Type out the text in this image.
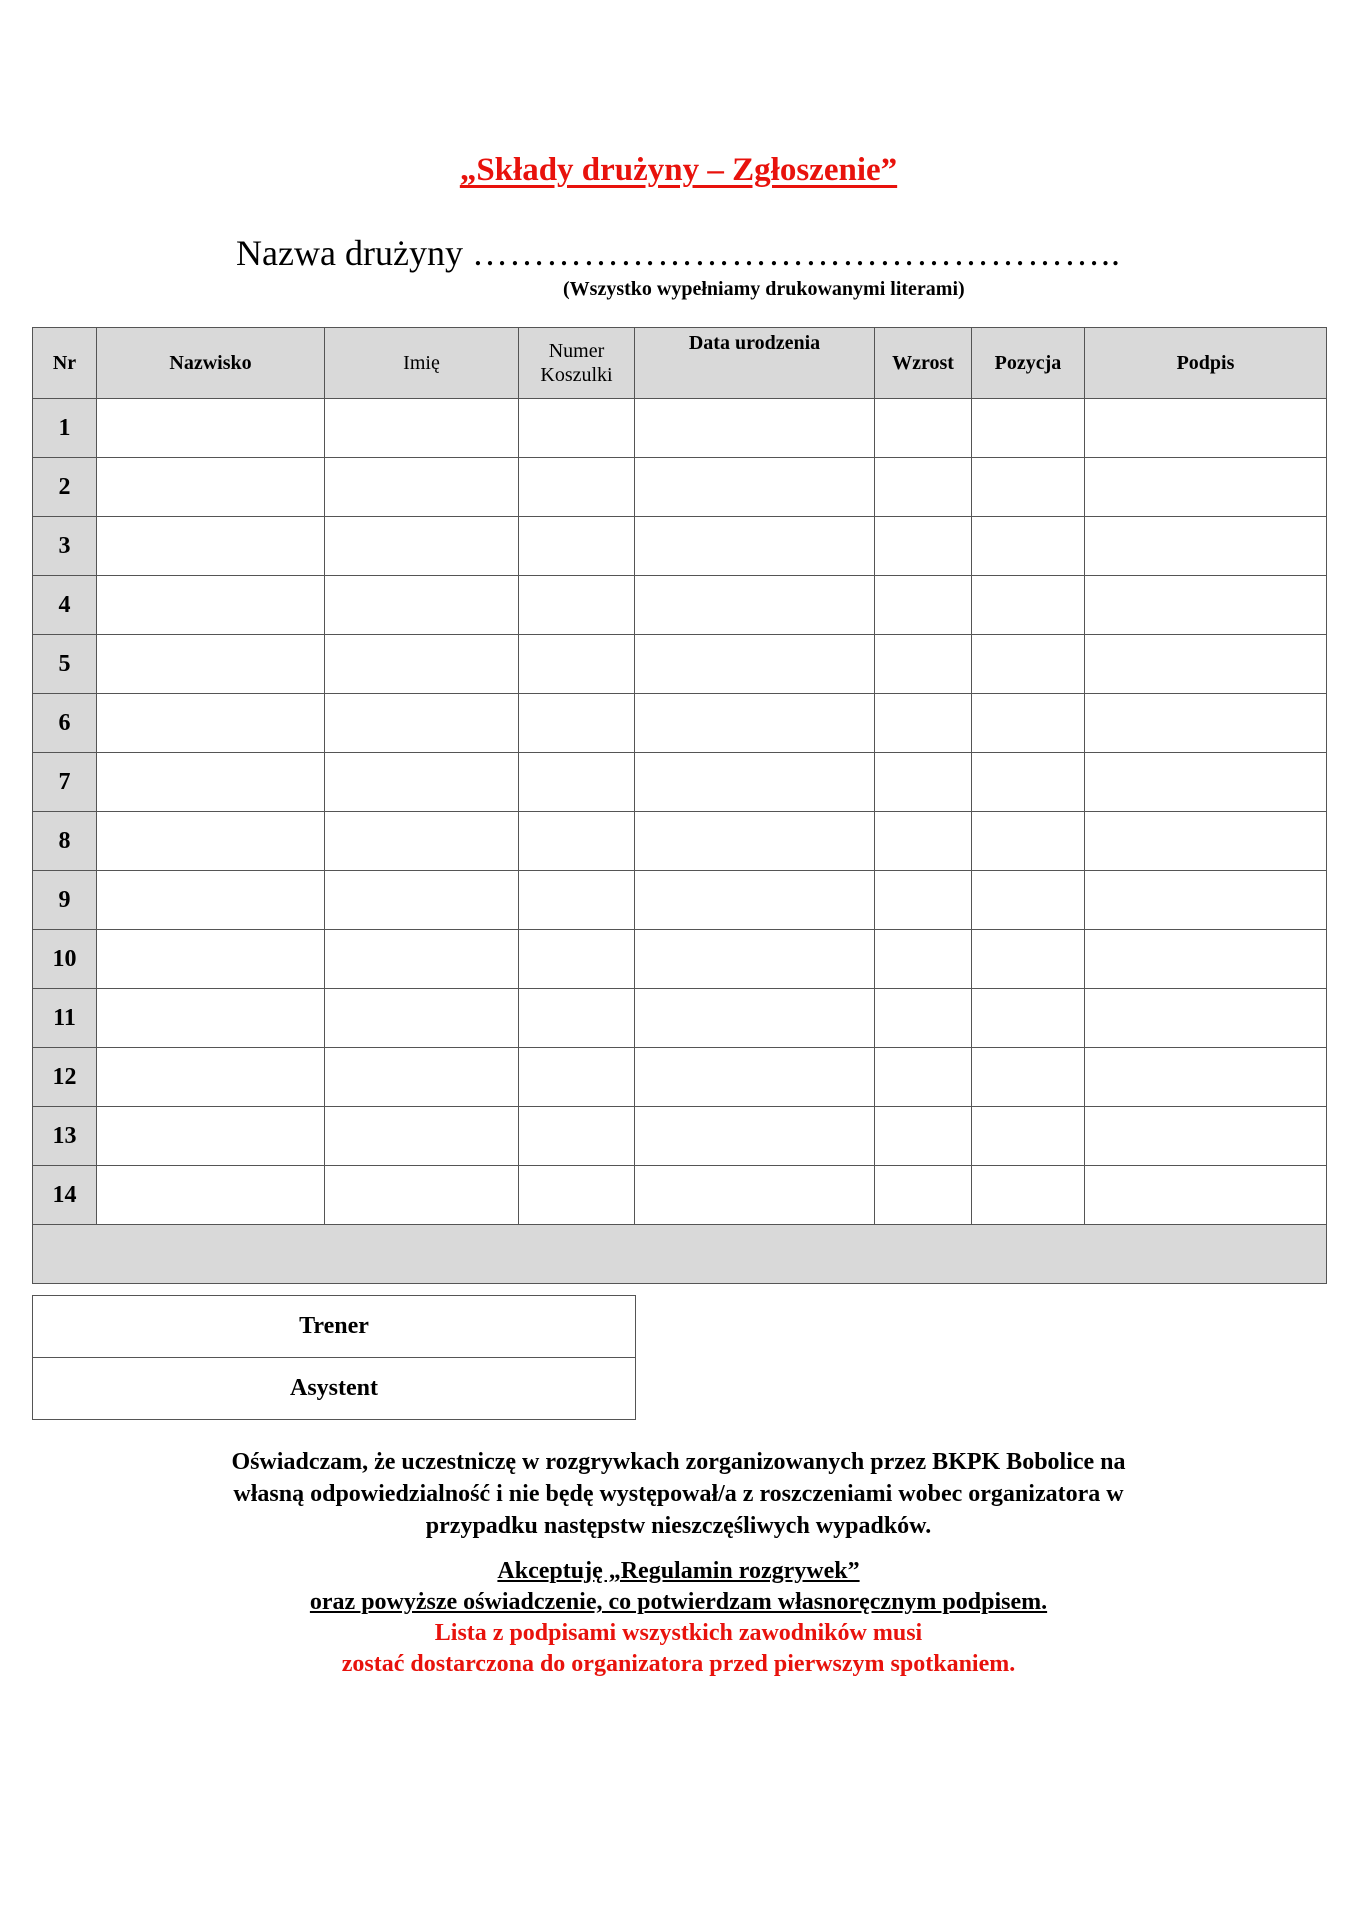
„Składy drużyny – Zgłoszenie”
Nazwa drużyny ……………………………………………..
(Wszystko wypełniamy drukowanymi literami)
Nr	Nazwisko	Imię	Numer
Koszulki	Data urodzenia	Wzrost	Pozycja	Podpis
1							
2							
3							
4							
5							
6							
7							
8							
9							
10							
11							
12							
13							
14							

Trener
Asystent
Oświadczam, że uczestniczę w rozgrywkach zorganizowanych przez BKPK Bobolice na
własną odpowiedzialność i nie będę występował/a z roszczeniami wobec organizatora w
przypadku następstw nieszczęśliwych wypadków.
Akceptuję „Regulamin rozgrywek”
oraz powyższe oświadczenie, co potwierdzam własnoręcznym podpisem.
Lista z podpisami wszystkich zawodników musi
zostać dostarczona do organizatora przed pierwszym spotkaniem.
